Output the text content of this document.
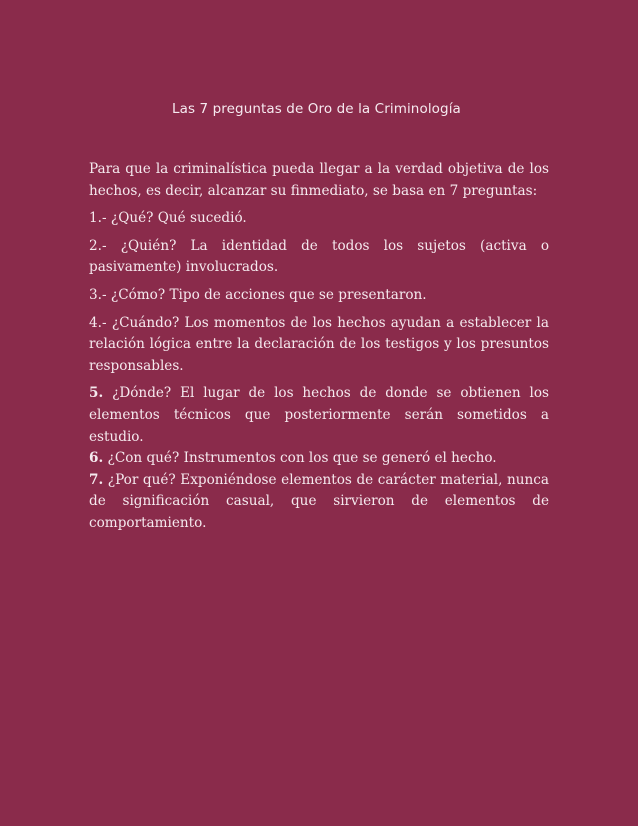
Las 7 preguntas de Oro de la Criminología

Para que la criminalística pueda llegar a la verdad objetiva de los hechos, es decir, alcanzar su finmediato, se basa en 7 preguntas:

1.- ¿Qué? Qué sucedió.

2.- ¿Quién? La identidad de todos los sujetos (activa o pasivamente) involucrados.

3.- ¿Cómo? Tipo de acciones que se presentaron.

4.- ¿Cuándo? Los momentos de los hechos ayudan a establecer la relación lógica entre la declaración de los testigos y los presuntos responsables.

5. ¿Dónde? El lugar de los hechos de donde se obtienen los elementos técnicos que posteriormente serán sometidos a estudio.

6. ¿Con qué? Instrumentos con los que se generó el hecho.

7. ¿Por qué? Exponiéndose elementos de carácter material, nunca de significación casual, que sirvieron de elementos de comportamiento.
